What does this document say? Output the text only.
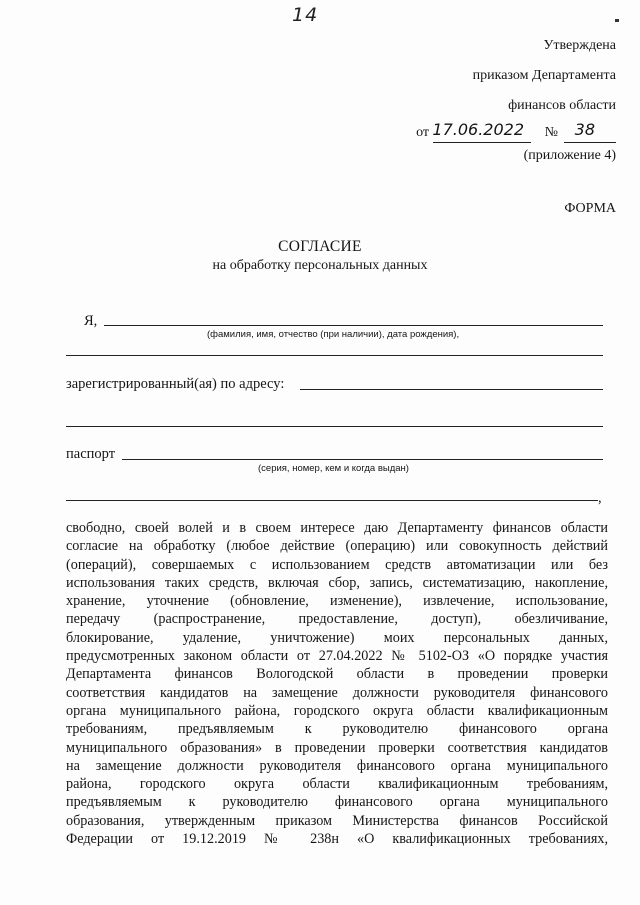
14
Утверждена
приказом Департамента
финансов области
от 17.06.2022 № 38
(приложение 4)
ФОРМА
СОГЛАСИЕ
на обработку персональных данных
Я,
(фамилия, имя, отчество (при наличии), дата рождения),
зарегистрированный(ая) по адресу:
паспорт
(серия, номер, кем и когда выдан)
,
свободно, своей волей и в своем интересе даю Департаменту финансов области
согласие на обработку (любое действие (операцию) или совокупность действий
(операций), совершаемых с использованием средств автоматизации или без
использования таких средств, включая сбор, запись, систематизацию, накопление,
хранение, уточнение (обновление, изменение), извлечение, использование,
передачу (распространение, предоставление, доступ), обезличивание,
блокирование, удаление, уничтожение) моих персональных данных,
предусмотренных законом области от 27.04.2022 № 5102-ОЗ «О порядке участия
Департамента финансов Вологодской области в проведении проверки
соответствия кандидатов на замещение должности руководителя финансового
органа муниципального района, городского округа области квалификационным
требованиям, предъявляемым к руководителю финансового органа
муниципального образования» в проведении проверки соответствия кандидатов
на замещение должности руководителя финансового органа муниципального
района, городского округа области квалификационным требованиям,
предъявляемым к руководителю финансового органа муниципального
образования, утвержденным приказом Министерства финансов Российской
Федерации от 19.12.2019 № 238н «О квалификационных требованиях,
